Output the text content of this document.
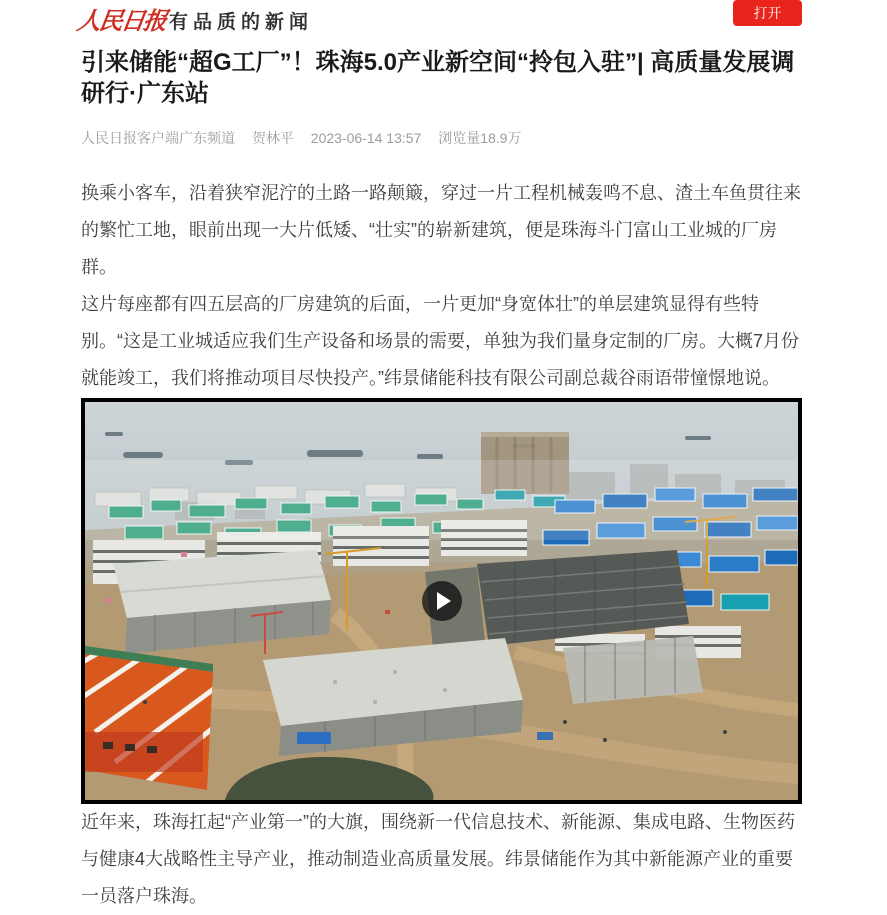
人民日报 有品质的新闻	打开
引来储能“超G工厂”！珠海5.0产业新空间“拎包入驻”| 高质量发展调研行·广东站
人民日报客户端广东频道 贺林平 2023-06-14 13:57 浏览量18.9万

换乘小客车，沿着狭窄泥泞的土路一路颠簸，穿过一片工程机械轰鸣不息、渣土车鱼贯往来的繁忙工地，眼前出现一大片低矮、“壮实”的崭新建筑，便是珠海斗门富山工业城的厂房群。

这片每座都有四五层高的厂房建筑的后面，一片更加“身宽体壮”的单层建筑显得有些特别。“这是工业城适应我们生产设备和场景的需要，单独为我们量身定制的厂房。大概7月份就能竣工，我们将推动项目尽快投产。”纬景储能科技有限公司副总裁谷雨语带憧憬地说。

近年来，珠海扛起“产业第一”的大旗，围绕新一代信息技术、新能源、集成电路、生物医药与健康4大战略性主导产业，推动制造业高质量发展。纬景储能作为其中新能源产业的重要一员落户珠海。
